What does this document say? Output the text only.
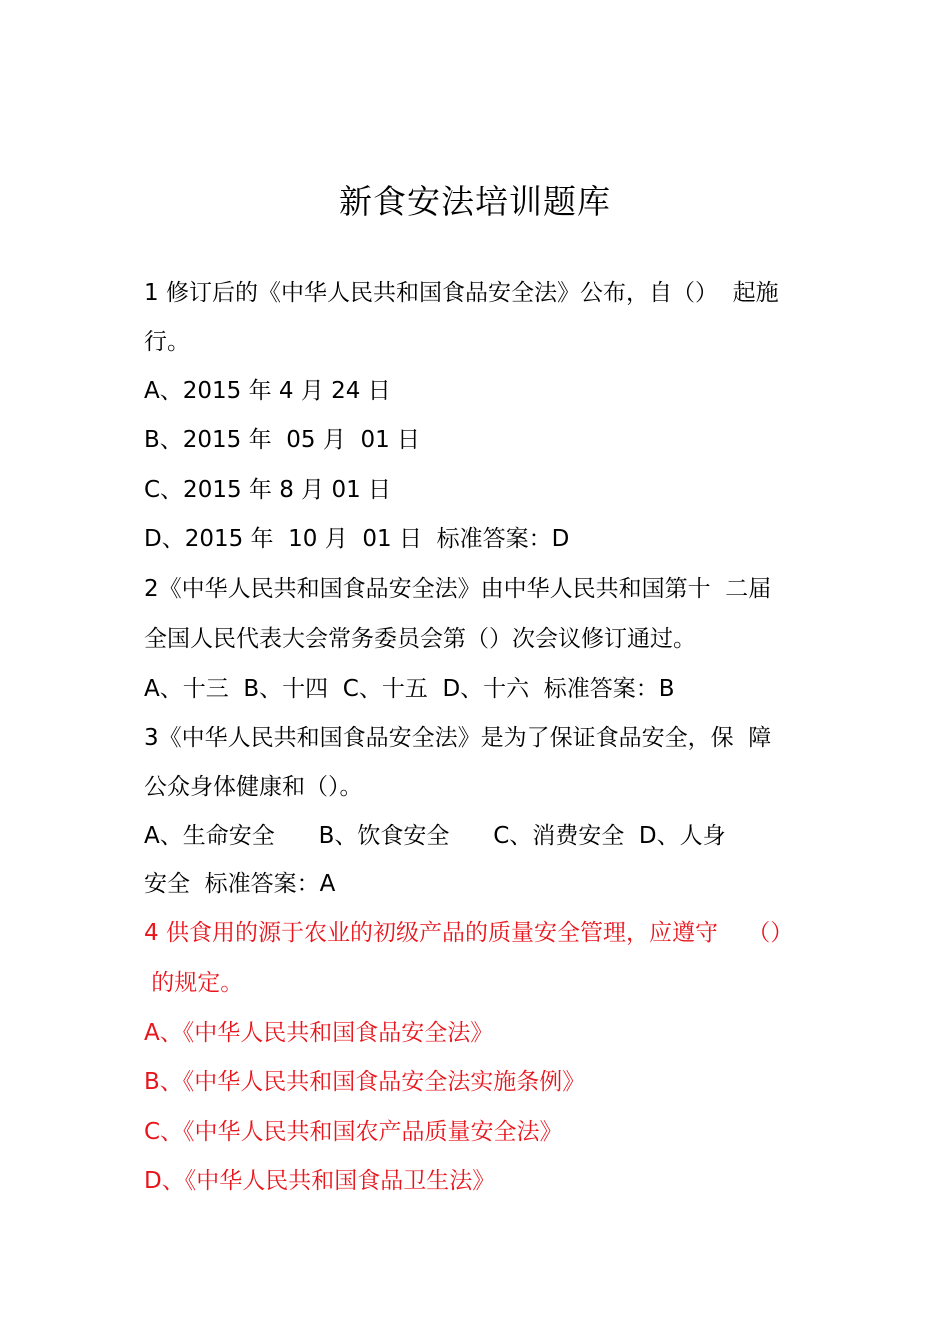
新食安法培训题库
1 修订后的《中华人民共和国食品安全法》公布，自（）  起施
行。
A、2015 年 4 月 24 日
B、2015 年  05 月  01 日
C、2015 年 8 月 01 日
D、2015 年  10 月  01 日  标准答案：D
2《中华人民共和国食品安全法》由中华人民共和国第十  二届
全国人民代表大会常务委员会第（）次会议修订通过。
A、十三  B、十四  C、十五  D、十六  标准答案：B
3《中华人民共和国食品安全法》是为了保证食品安全，保  障
公众身体健康和（）。
A、生命安全      B、饮食安全      C、消费安全  D、人身
安全  标准答案：A
4 供食用的源于农业的初级产品的质量安全管理，应遵守    （）
的规定。
A、《中华人民共和国食品安全法》
B、《中华人民共和国食品安全法实施条例》
C、《中华人民共和国农产品质量安全法》
D、《中华人民共和国食品卫生法》
